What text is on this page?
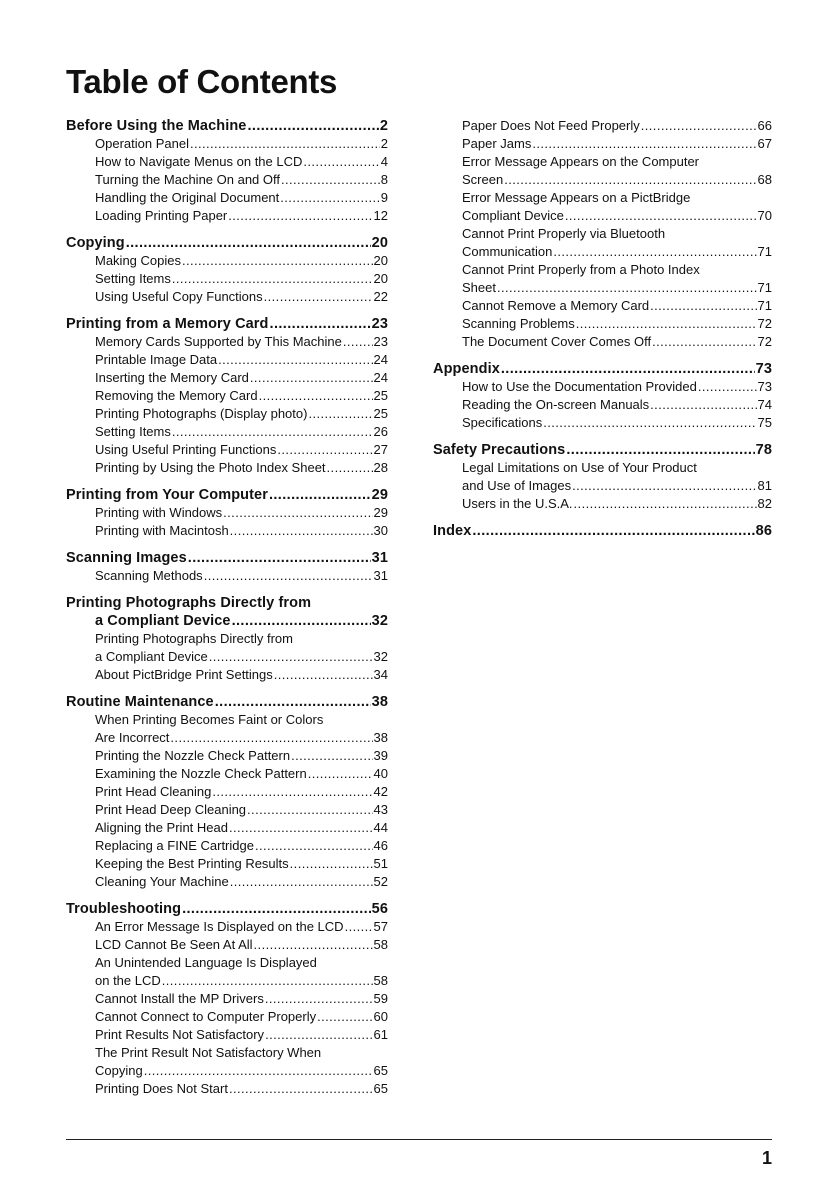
Table of Contents
Before Using the Machine .....	2
Operation Panel .....	2
How to Navigate Menus on the LCD .....	4
Turning the Machine On and Off .....	8
Handling the Original Document .....	9
Loading Printing Paper .....	12
Copying .....	20
Making Copies .....	20
Setting Items .....	20
Using Useful Copy Functions .....	22
Printing from a Memory Card .....	23
Memory Cards Supported by This Machine ..... 23
Printable Image Data .....	24
Inserting the Memory Card .....	24
Removing the Memory Card .....	25
Printing Photographs (Display photo) .....	25
Setting Items .....	26
Using Useful Printing Functions .....	27
Printing by Using the Photo Index Sheet .....	28
Printing from Your Computer .....	29
Printing with Windows .....	29
Printing with Macintosh .....	30
Scanning Images .....	31
Scanning Methods .....	31
Printing Photographs Directly from
a Compliant Device .....	32
Printing Photographs Directly from
a Compliant Device .....	32
About PictBridge Print Settings .....	34
Routine Maintenance .....	38
When Printing Becomes Faint or Colors
Are Incorrect .....	38
Printing the Nozzle Check Pattern .....	39
Examining the Nozzle Check Pattern .....	40
Print Head Cleaning .....	42
Print Head Deep Cleaning .....	43
Aligning the Print Head .....	44
Replacing a FINE Cartridge .....	46
Keeping the Best Printing Results .....	51
Cleaning Your Machine .....	52
Troubleshooting .....	56
An Error Message Is Displayed on the LCD ..... 57
LCD Cannot Be Seen At All .....	58
An Unintended Language Is Displayed
on the LCD .....	58
Cannot Install the MP Drivers .....	59
Cannot Connect to Computer Properly .....	60
Print Results Not Satisfactory .....	61
The Print Result Not Satisfactory When
Copying .....	65
Printing Does Not Start .....	65
Paper Does Not Feed Properly .....	66
Paper Jams .....	67
Error Message Appears on the Computer
Screen .....	68
Error Message Appears on a PictBridge
Compliant Device .....	70
Cannot Print Properly via Bluetooth
Communication .....	71
Cannot Print Properly from a Photo Index
Sheet .....	71
Cannot Remove a Memory Card .....	71
Scanning Problems .....	72
The Document Cover Comes Off .....	72
Appendix .....	73
How to Use the Documentation Provided .....	73
Reading the On-screen Manuals .....	74
Specifications .....	75
Safety Precautions .....	78
Legal Limitations on Use of Your Product
and Use of Images .....	81
Users in the U.S.A. .....	82
Index .....	86
1
